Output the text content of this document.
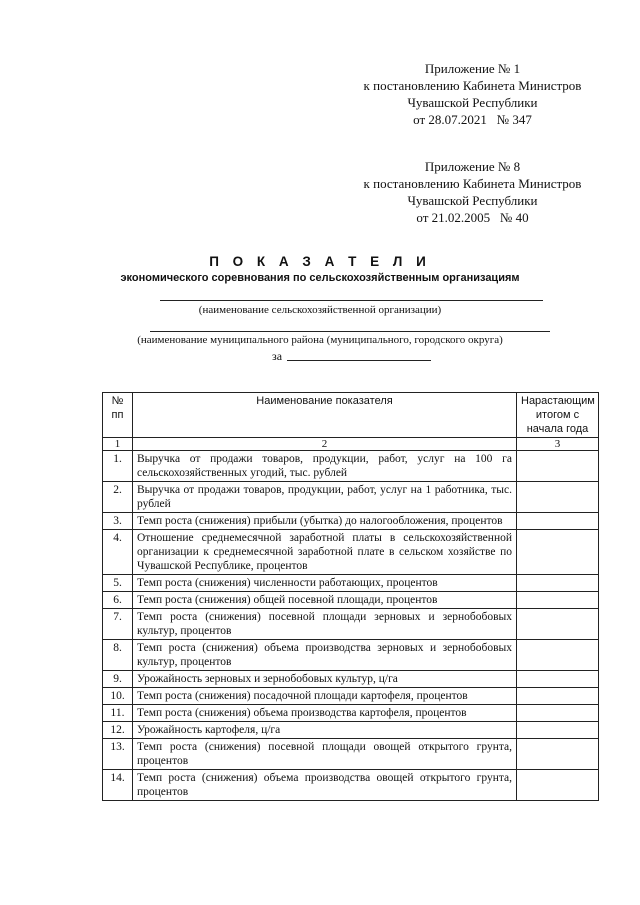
Приложение № 1
к постановлению Кабинета Министров
Чувашской Республики
от 28.07.2021   № 347
Приложение № 8
к постановлению Кабинета Министров
Чувашской Республики
от 21.02.2005   № 40
П О К А З А Т Е Л И
экономического соревнования по сельскохозяйственным организациям
(наименование сельскохозяйственной организации)
(наименование муниципального района (муниципального, городского округа)
за
№ пп	Наименование показателя	Нарастающим итогом с начала года
1	2	3
1.	Выручка от продажи товаров, продукции, работ, услуг на 100 га сельскохозяйственных угодий, тыс. рублей	
2.	Выручка от продажи товаров, продукции, работ, услуг на 1 работника, тыс. рублей	
3.	Темп роста (снижения) прибыли (убытка) до налогообложения, процентов	
4.	Отношение среднемесячной заработной платы в сельскохозяйственной организации к среднемесячной заработной плате в сельском хозяйстве по Чувашской Республике, процентов	
5.	Темп роста (снижения) численности работающих, процентов	
6.	Темп роста (снижения) общей посевной площади, процентов	
7.	Темп роста (снижения) посевной площади зерновых и зернобобовых культур, процентов	
8.	Темп роста (снижения) объема производства зерновых и зернобобовых культур, процентов	
9.	Урожайность зерновых и зернобобовых культур, ц/га	
10.	Темп роста (снижения) посадочной площади картофеля, процентов	
11.	Темп роста (снижения) объема производства картофеля, процентов	
12.	Урожайность картофеля, ц/га	
13.	Темп роста (снижения) посевной площади овощей открытого грунта, процентов	
14.	Темп роста (снижения) объема производства овощей открытого грунта, процентов	
